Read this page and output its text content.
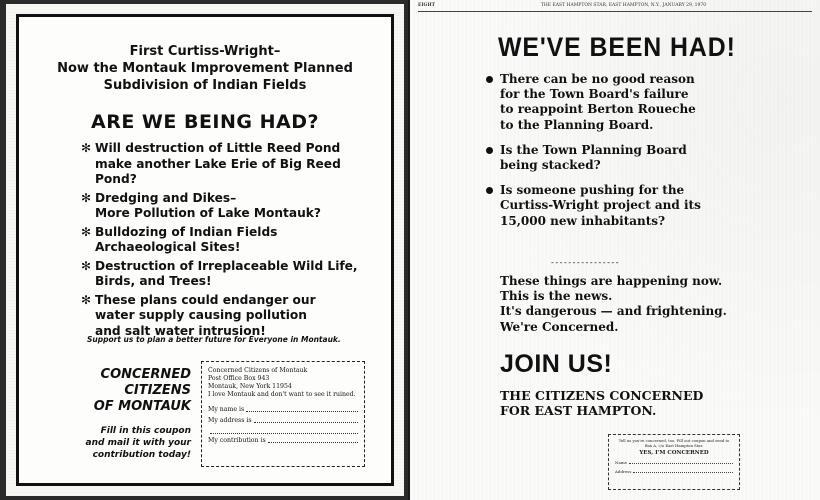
First Curtiss-Wright–
Now the Montauk Improvement Planned
Subdivision of Indian Fields
ARE WE BEING HAD?
✻ Will destruction of Little Reed Pond
make another Lake Erie of Big Reed Pond?
✻ Dredging and Dikes–
More Pollution of Lake Montauk?
✻ Bulldozing of Indian Fields
Archaeological Sites!
✻ Destruction of Irreplaceable Wild Life,
Birds, and Trees!
✻ These plans could endanger our
water supply causing pollution
and salt water intrusion!
Support us to plan a better future for Everyone in Montauk.
CONCERNED
CITIZENS
OF MONTAUK
Fill in this coupon
and mail it with your
contribution today!
Concerned Citizens of Montauk
Post Office Box 943
Montauk, New York 11954
I love Montauk and don't want to see it ruined.
My name is
My address is
My contribution is
EIGHT	THE EAST HAMPTON STAR, EAST HAMPTON, N.Y., JANUARY 29, 1970
WE'VE BEEN HAD!
There can be no good reason
for the Town Board's failure
to reappoint Berton Roueche
to the Planning Board.
Is the Town Planning Board
being stacked?
Is someone pushing for the
Curtiss-Wright project and its
15,000 new inhabitants?
----------------
These things are happening now.
This is the news.
It's dangerous — and frightening.
We're Concerned.
JOIN US!
THE CITIZENS CONCERNED
FOR EAST HAMPTON.
Tell us you're concerned, too. Fill out coupon and send to
Box A, c/o East Hampton Star.
YES, I'M CONCERNED
Name
Address
